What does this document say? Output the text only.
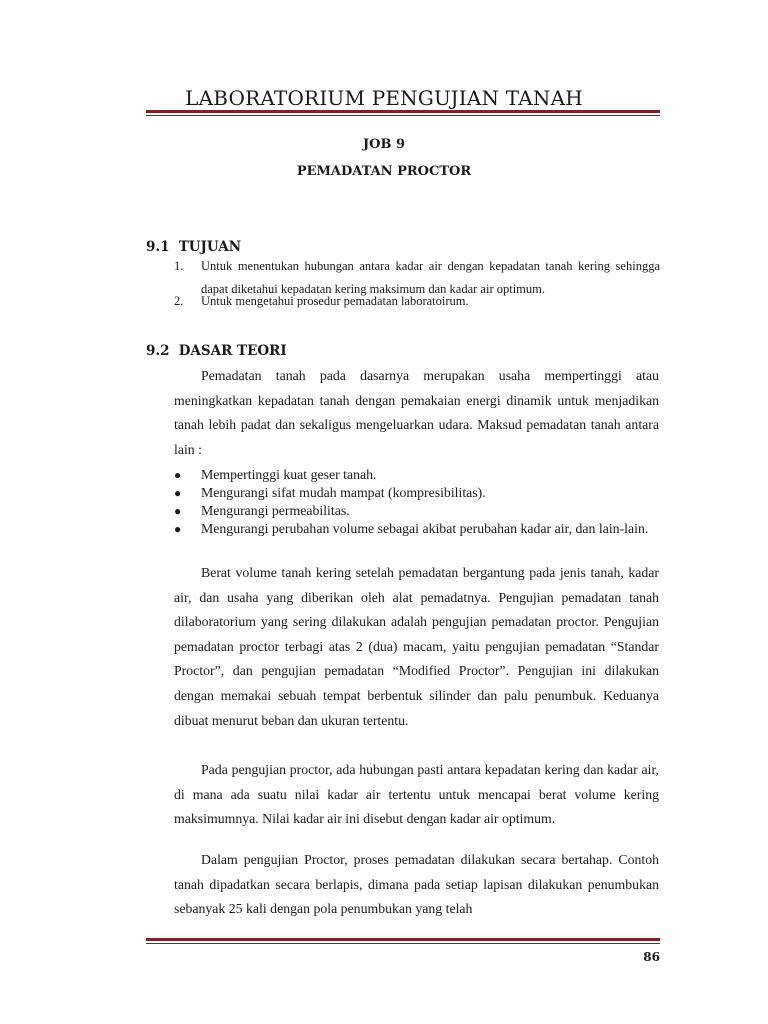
LABORATORIUM PENGUJIAN TANAH
JOB 9
PEMADATAN PROCTOR
9.1 TUJUAN
1. Untuk menentukan hubungan antara kadar air dengan kepadatan tanah kering sehingga dapat diketahui kepadatan kering maksimum dan kadar air optimum.
2. Untuk mengetahui prosedur pemadatan laboratoirum.
9.2 DASAR TEORI
Pemadatan tanah pada dasarnya merupakan usaha mempertinggi atau meningkatkan kepadatan tanah dengan pemakaian energi dinamik untuk menjadikan tanah lebih padat dan sekaligus mengeluarkan udara. Maksud pemadatan tanah antara lain :
● Mempertinggi kuat geser tanah.
● Mengurangi sifat mudah mampat (kompresibilitas).
● Mengurangi permeabilitas.
● Mengurangi perubahan volume sebagai akibat perubahan kadar air, dan lain-lain.
Berat volume tanah kering setelah pemadatan bergantung pada jenis tanah, kadar air, dan usaha yang diberikan oleh alat pemadatnya. Pengujian pemadatan tanah dilaboratorium yang sering dilakukan adalah pengujian pemadatan proctor. Pengujian pemadatan proctor terbagi atas 2 (dua) macam, yaitu pengujian pemadatan “Standar Proctor”, dan pengujian pemadatan “Modified Proctor”. Pengujian ini dilakukan dengan memakai sebuah tempat berbentuk silinder dan palu penumbuk. Keduanya dibuat menurut beban dan ukuran tertentu.
Pada pengujian proctor, ada hubungan pasti antara kepadatan kering dan kadar air, di mana ada suatu nilai kadar air tertentu untuk mencapai berat volume kering maksimumnya. Nilai kadar air ini disebut dengan kadar air optimum.
Dalam pengujian Proctor, proses pemadatan dilakukan secara bertahap. Contoh tanah dipadatkan secara berlapis, dimana pada setiap lapisan dilakukan penumbukan sebanyak 25 kali dengan pola penumbukan yang telah
86
